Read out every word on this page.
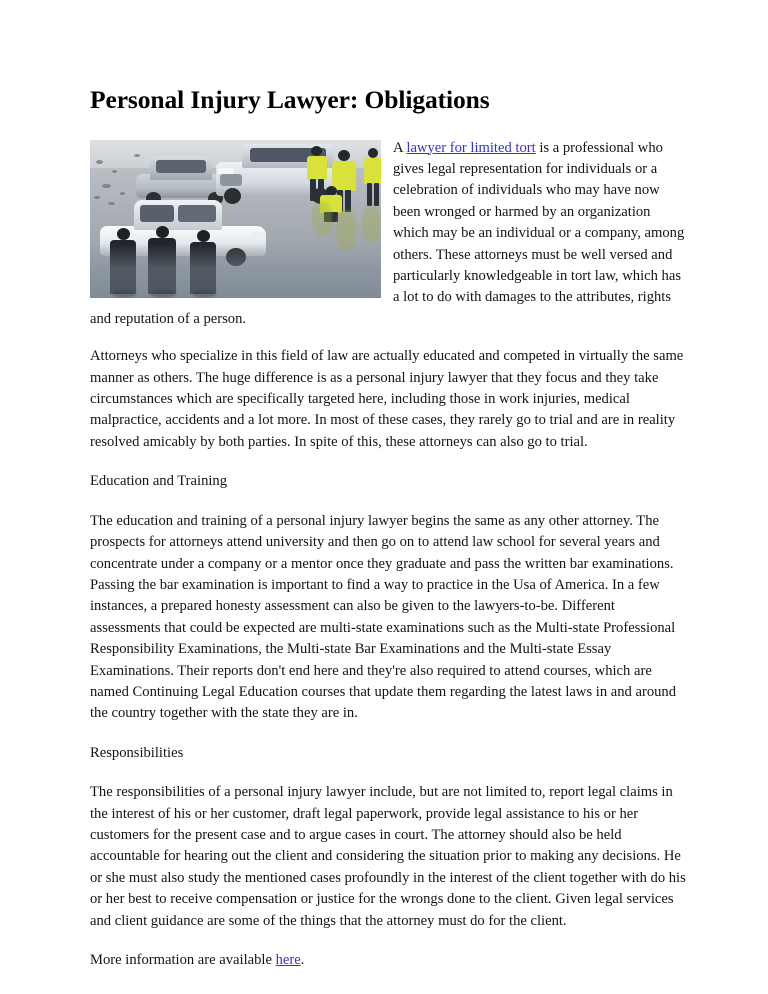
Personal Injury Lawyer: Obligations

A lawyer for limited tort is a professional who gives legal representation for individuals or a celebration of individuals who may have now been wronged or harmed by an organization which may be an individual or a company, among others. These attorneys must be well versed and particularly knowledgeable in tort law, which has a lot to do with damages to the attributes, rights and reputation of a person.

Attorneys who specialize in this field of law are actually educated and competed in virtually the same manner as others. The huge difference is as a personal injury lawyer that they focus and they take circumstances which are specifically targeted here, including those in work injuries, medical malpractice, accidents and a lot more. In most of these cases, they rarely go to trial and are in reality resolved amicably by both parties. In spite of this, these attorneys can also go to trial.

Education and Training

The education and training of a personal injury lawyer begins the same as any other attorney. The prospects for attorneys attend university and then go on to attend law school for several years and concentrate under a company or a mentor once they graduate and pass the written bar examinations. Passing the bar examination is important to find a way to practice in the Usa of America. In a few instances, a prepared honesty assessment can also be given to the lawyers-to-be. Different assessments that could be expected are multi-state examinations such as the Multi-state Professional Responsibility Examinations, the Multi-state Bar Examinations and the Multi-state Essay Examinations. Their reports don't end here and they're also required to attend courses, which are named Continuing Legal Education courses that update them regarding the latest laws in and around the country together with the state they are in.

Responsibilities

The responsibilities of a personal injury lawyer include, but are not limited to, report legal claims in the interest of his or her customer, draft legal paperwork, provide legal assistance to his or her customers for the present case and to argue cases in court. The attorney should also be held accountable for hearing out the client and considering the situation prior to making any decisions. He or she must also study the mentioned cases profoundly in the interest of the client together with do his or her best to receive compensation or justice for the wrongs done to the client. Given legal services and client guidance are some of the things that the attorney must do for the client.

More information are available here.
